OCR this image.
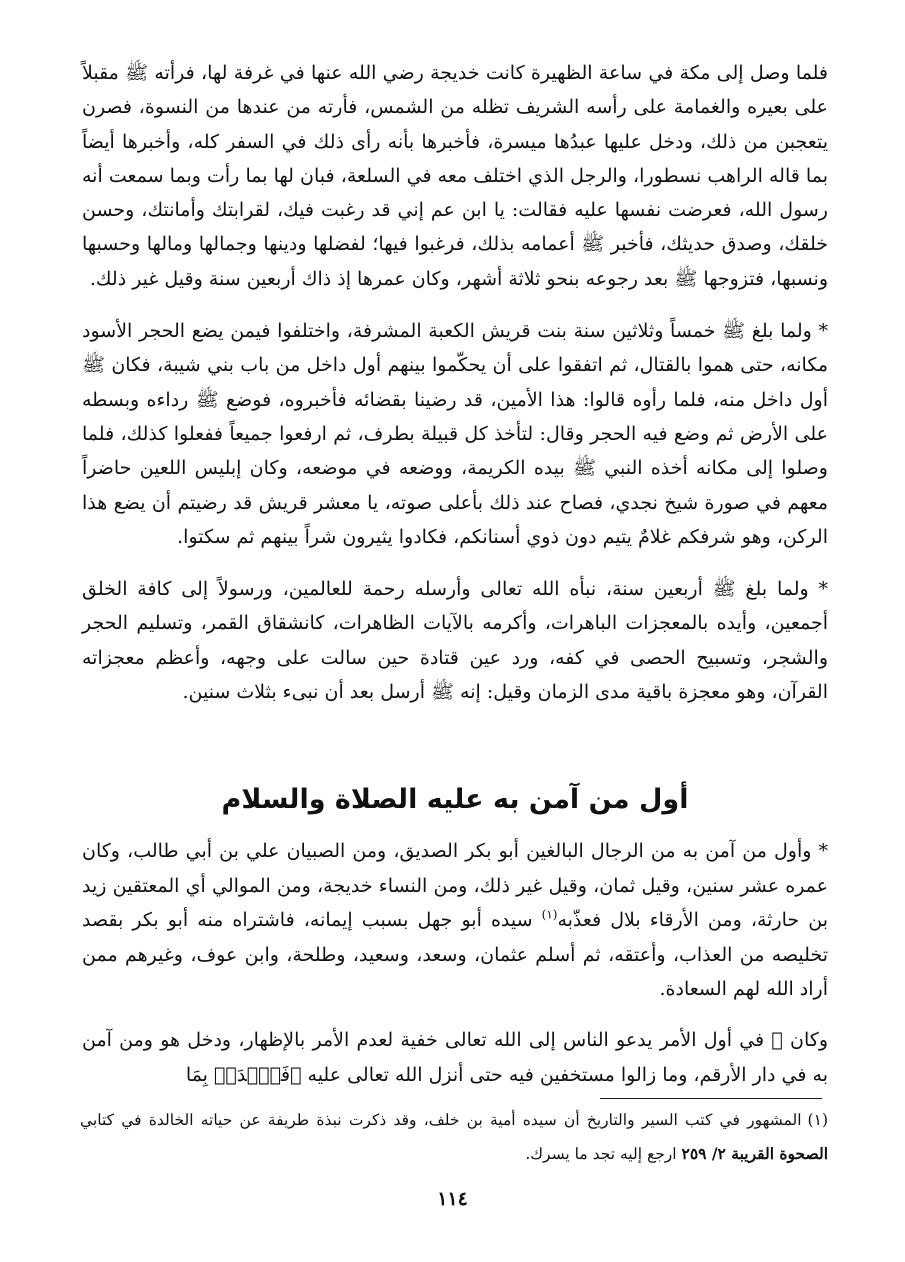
فلما وصل إلى مكة في ساعة الظهيرة كانت خديجة رضي الله عنها في غرفة لها، فرأته ﷺ مقبلاً على بعيره والغمامة على رأسه الشريف تظله من الشمس، فأرته من عندها من النسوة، فصرن يتعجبن من ذلك، ودخل عليها عبدُها ميسرة، فأخبرها بأنه رأى ذلك في السفر كله، وأخبرها أيضاً بما قاله الراهب نسطورا، والرجل الذي اختلف معه في السلعة، فبان لها بما رأت وبما سمعت أنه رسول الله، فعرضت نفسها عليه فقالت: يا ابن عم إني قد رغبت فيك، لقرابتك وأمانتك، وحسن خلقك، وصدق حديثك، فأخبر ﷺ أعمامه بذلك، فرغبوا فيها؛ لفضلها ودينها وجمالها ومالها وحسبها ونسبها، فتزوجها ﷺ بعد رجوعه بنحو ثلاثة أشهر، وكان عمرها إذ ذاك أربعين سنة وقيل غير ذلك.

* ولما بلغ ﷺ خمساً وثلاثين سنة بنت قريش الكعبة المشرفة، واختلفوا فيمن يضع الحجر الأسود مكانه، حتى هموا بالقتال، ثم اتفقوا على أن يحكّموا بينهم أول داخل من باب بني شيبة، فكان ﷺ أول داخل منه، فلما رأوه قالوا: هذا الأمين، قد رضينا بقضائه فأخبروه، فوضع ﷺ رداءه وبسطه على الأرض ثم وضع فيه الحجر وقال: لتأخذ كل قبيلة بطرف، ثم ارفعوا جميعاً ففعلوا كذلك، فلما وصلوا إلى مكانه أخذه النبي ﷺ بيده الكريمة، ووضعه في موضعه، وكان إبليس اللعين حاضراً معهم في صورة شيخ نجدي، فصاح عند ذلك بأعلى صوته، يا معشر قريش قد رضيتم أن يضع هذا الركن، وهو شرفكم غلامٌ يتيم دون ذوي أسنانكم، فكادوا يثيرون شراً بينهم ثم سكتوا.

* ولما بلغ ﷺ أربعين سنة، نبأه الله تعالى وأرسله رحمة للعالمين، ورسولاً إلى كافة الخلق أجمعين، وأيده بالمعجزات الباهرات، وأكرمه بالآيات الظاهرات، كانشقاق القمر، وتسليم الحجر والشجر، وتسبيح الحصى في كفه، ورد عين قتادة حين سالت على وجهه، وأعظم معجزاته القرآن، وهو معجزة باقية مدى الزمان وقيل: إنه ﷺ أرسل بعد أن نبىء بثلاث سنين.

أول من آمن به عليه الصلاة والسلام

* وأول من آمن به من الرجال البالغين أبو بكر الصديق، ومن الصبيان علي بن أبي طالب، وكان عمره عشر سنين، وقيل ثمان، وقيل غير ذلك، ومن النساء خديجة، ومن الموالي أي المعتقين زيد بن حارثة، ومن الأرقاء بلال فعذّبه$^{(١)}$ سيده أبو جهل بسبب إيمانه، فاشتراه منه أبو بكر بقصد تخليصه من العذاب، وأعتقه، ثم أسلم عثمان، وسعد، وسعيد، وطلحة، وابن عوف، وغيرهم ممن أراد الله لهم السعادة.

وكان ﷺ في أول الأمر يدعو الناس إلى الله تعالى خفية لعدم الأمر بالإظهار، ودخل هو ومن آمن به في دار الأرقم، وما زالوا مستخفين فيه حتى أنزل الله تعالى عليه ﴿فَٱصۡدَعۡ بِمَا

(١)المشهور في كتب السير والتاريخ أن سيده أمية بن خلف، وقد ذكرت نبذة طريفة عن حياته الخالدة في كتابي الصحوة القريبة ٢/ ٢٥٩ ارجع إليه تجد ما يسرك.

١١٤
